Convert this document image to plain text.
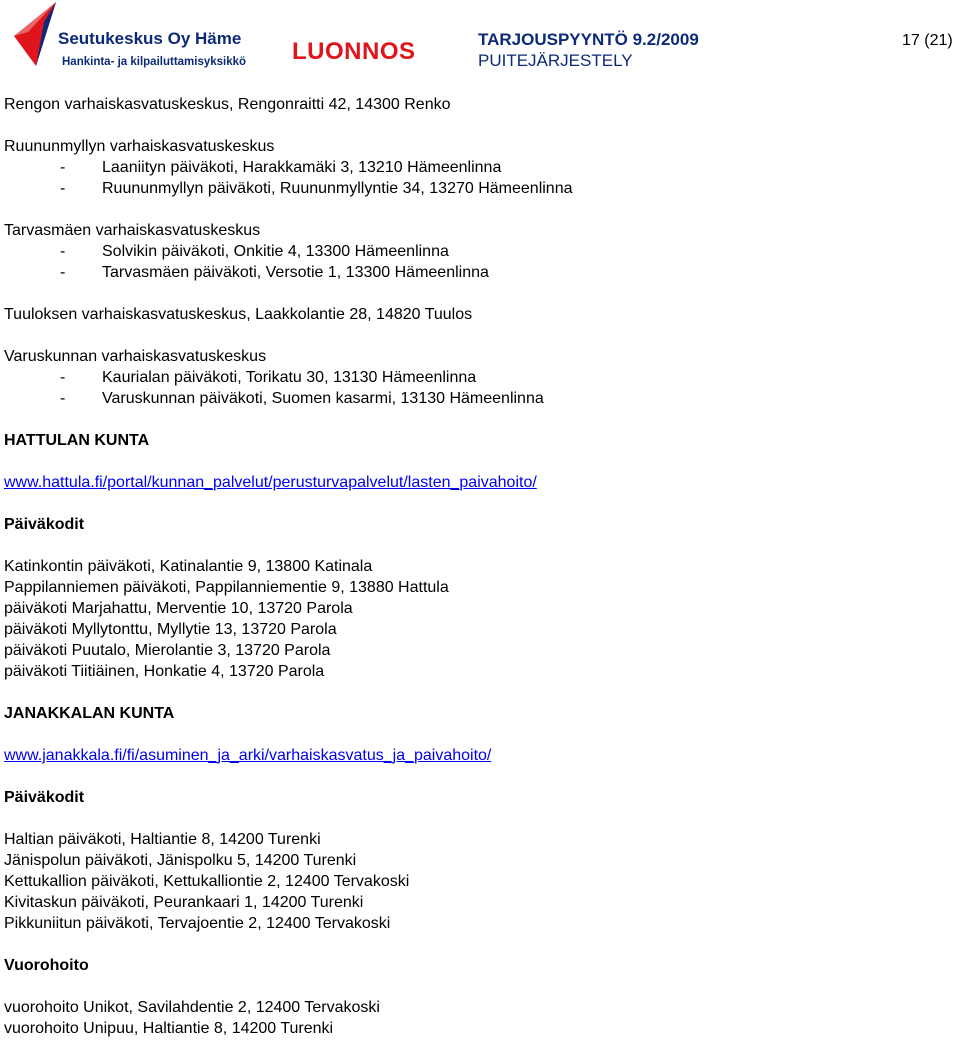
Seutukeskus Oy Häme
Hankinta- ja kilpailuttamisyksikkö LUONNOS	TARJOUSPYYNTÖ 9.2/2009
PUITEJÄRJESTELY
17 (21)
Rengon varhaiskasvatuskeskus, Rengonraitti 42, 14300 Renko
Ruununmyllyn varhaiskasvatuskeskus
- Laaniityn päiväkoti, Harakkamäki 3, 13210 Hämeenlinna
- Ruununmyllyn päiväkoti, Ruununmyllyntie 34, 13270 Hämeenlinna
Tarvasmäen varhaiskasvatuskeskus
- Solvikin päiväkoti, Onkitie 4, 13300 Hämeenlinna
- Tarvasmäen päiväkoti, Versotie 1, 13300 Hämeenlinna
Tuuloksen varhaiskasvatuskeskus, Laakkolantie 28, 14820 Tuulos
Varuskunnan varhaiskasvatuskeskus
- Kaurialan päiväkoti, Torikatu 30, 13130 Hämeenlinna
- Varuskunnan päiväkoti, Suomen kasarmi, 13130 Hämeenlinna
HATTULAN KUNTA
www.hattula.fi/portal/kunnan_palvelut/perusturvapalvelut/lasten_paivahoito/
Päiväkodit
Katinkontin päiväkoti, Katinalantie 9, 13800 Katinala
Pappilanniemen päiväkoti, Pappilanniementie 9, 13880 Hattula
päiväkoti Marjahattu, Merventie 10, 13720 Parola
päiväkoti Myllytonttu, Myllytie 13, 13720 Parola
päiväkoti Puutalo, Mierolantie 3, 13720 Parola
päiväkoti Tiitiäinen, Honkatie 4, 13720 Parola
JANAKKALAN KUNTA
www.janakkala.fi/fi/asuminen_ja_arki/varhaiskasvatus_ja_paivahoito/
Päiväkodit
Haltian päiväkoti, Haltiantie 8, 14200 Turenki
Jänispolun päiväkoti, Jänispolku 5, 14200 Turenki
Kettukallion päiväkoti, Kettukalliontie 2, 12400 Tervakoski
Kivitaskun päiväkoti, Peurankaari 1, 14200 Turenki
Pikkuniitun päiväkoti, Tervajoentie 2, 12400 Tervakoski
Vuorohoito
vuorohoito Unikot, Savilahdentie 2, 12400 Tervakoski
vuorohoito Unipuu, Haltiantie 8, 14200 Turenki
